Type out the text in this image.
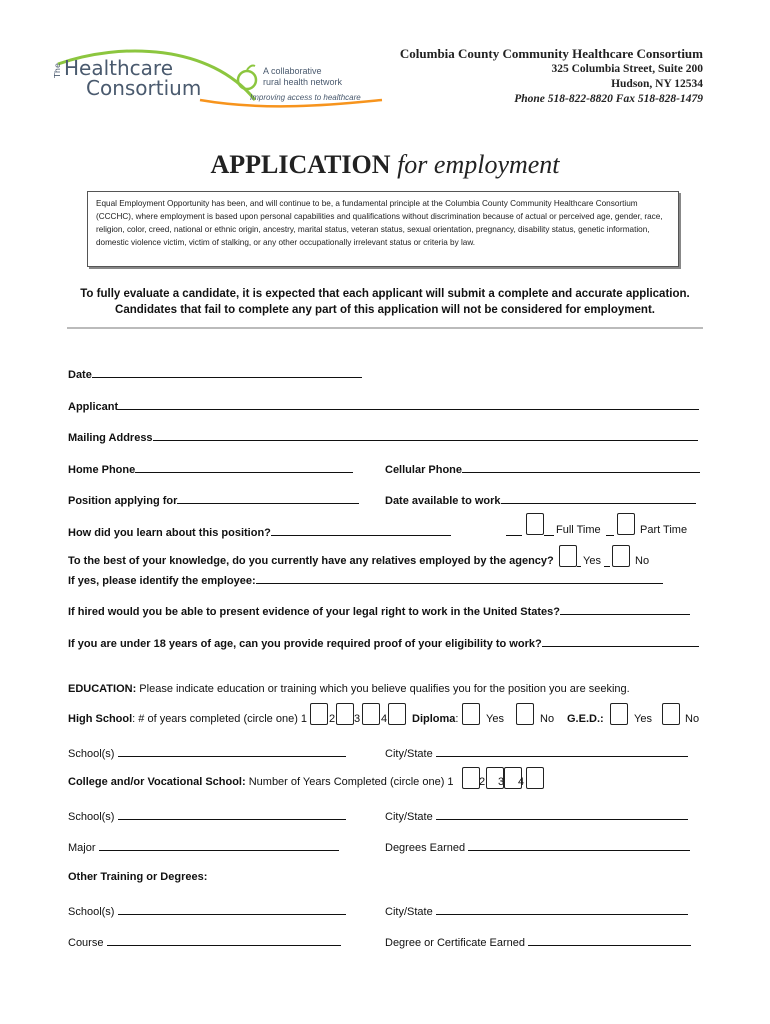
The Healthcare
Consortium
A collaborative
rural health network
Improving access to healthcare
Columbia County Community Healthcare Consortium
325 Columbia Street, Suite 200
Hudson, NY 12534
Phone 518-822-8820 Fax 518-828-1479
APPLICATION for employment
Equal Employment Opportunity has been, and will continue to be, a fundamental principle at the Columbia County Community Healthcare Consortium (CCCHC), where employment is based upon personal capabilities and qualifications without discrimination because of actual or perceived age, gender, race, religion, color, creed, national or ethnic origin, ancestry, marital status, veteran status, sexual orientation, pregnancy, disability status, genetic information, domestic violence victim, victim of stalking, or any other occupationally irrelevant status or criteria by law.
To fully evaluate a candidate, it is expected that each applicant will submit a complete and accurate application.
Candidates that fail to complete any part of this application will not be considered for employment.
Date
Applicant
Mailing Address
Home Phone	Cellular Phone
Position applying for	Date available to work
How did you learn about this position?	Full Time	Part Time
To the best of your knowledge, do you currently have any relatives employed by the agency?	Yes	No
If yes, please identify the employee:
If hired would you be able to present evidence of your legal right to work in the United States?
If you are under 18 years of age, can you provide required proof of your eligibility to work?
EDUCATION: Please indicate education or training which you believe qualifies you for the position you are seeking.
High School: # of years completed (circle one) 1 2 3 4 Diploma:	Yes	No G.E.D.:	Yes	No
School(s)	City/State
College and/or Vocational School: Number of Years Completed (circle one) 1 2 3 4
School(s)	City/State
Major	Degrees Earned
Other Training or Degrees:
School(s)	City/State
Course	Degree or Certificate Earned
